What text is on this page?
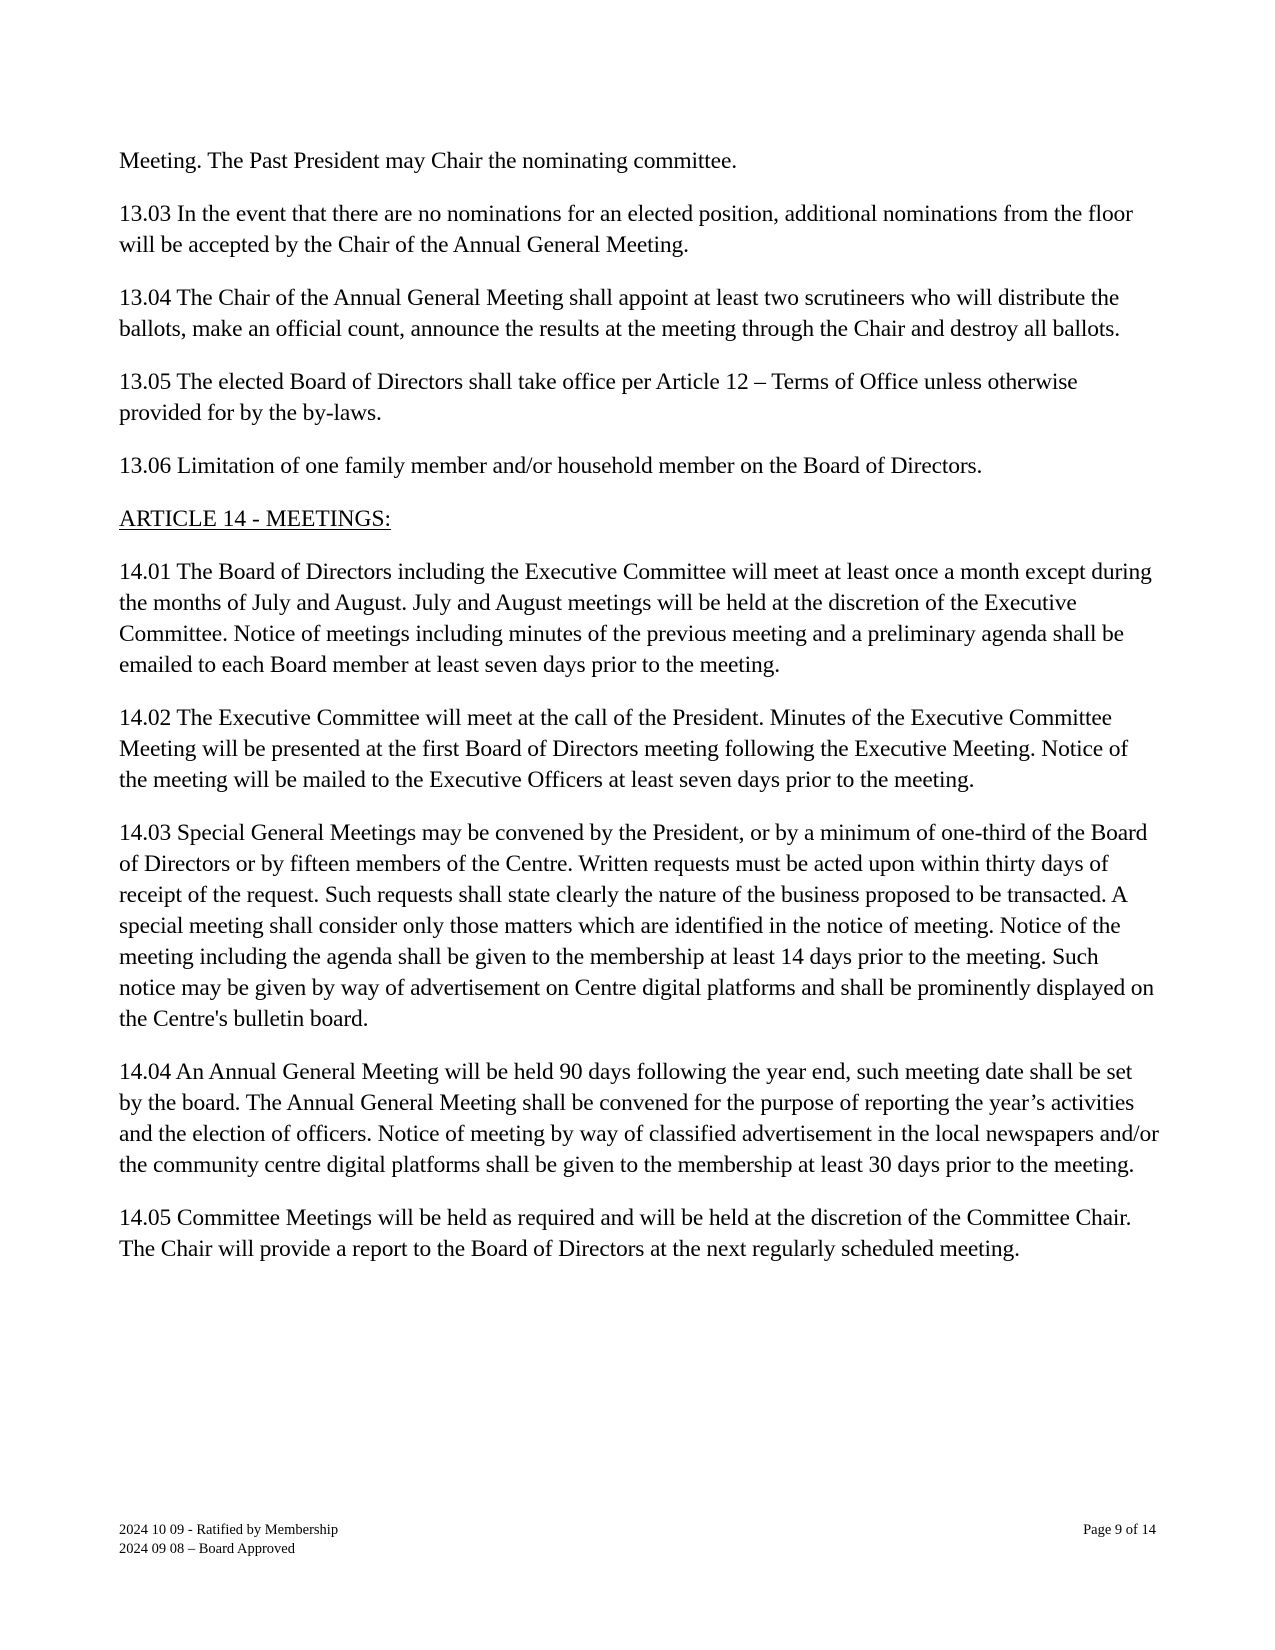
Meeting. The Past President may Chair the nominating committee.

13.03 In the event that there are no nominations for an elected position, additional nominations from the floor will be accepted by the Chair of the Annual General Meeting.

13.04 The Chair of the Annual General Meeting shall appoint at least two scrutineers who will distribute the ballots, make an official count, announce the results at the meeting through the Chair and destroy all ballots.

13.05 The elected Board of Directors shall take office per Article 12 – Terms of Office unless otherwise provided for by the by-laws.

13.06 Limitation of one family member and/or household member on the Board of Directors.

ARTICLE 14 - MEETINGS:

14.01 The Board of Directors including the Executive Committee will meet at least once a month except during the months of July and August. July and August meetings will be held at the discretion of the Executive Committee. Notice of meetings including minutes of the previous meeting and a preliminary agenda shall be emailed to each Board member at least seven days prior to the meeting.

14.02 The Executive Committee will meet at the call of the President. Minutes of the Executive Committee Meeting will be presented at the first Board of Directors meeting following the Executive Meeting. Notice of the meeting will be mailed to the Executive Officers at least seven days prior to the meeting.

14.03 Special General Meetings may be convened by the President, or by a minimum of one-third of the Board of Directors or by fifteen members of the Centre. Written requests must be acted upon within thirty days of receipt of the request. Such requests shall state clearly the nature of the business proposed to be transacted. A special meeting shall consider only those matters which are identified in the notice of meeting. Notice of the meeting including the agenda shall be given to the membership at least 14 days prior to the meeting. Such notice may be given by way of advertisement on Centre digital platforms and shall be prominently displayed on the Centre's bulletin board.

14.04 An Annual General Meeting will be held 90 days following the year end, such meeting date shall be set by the board. The Annual General Meeting shall be convened for the purpose of reporting the year’s activities and the election of officers. Notice of meeting by way of classified advertisement in the local newspapers and/or the community centre digital platforms shall be given to the membership at least 30 days prior to the meeting.

14.05 Committee Meetings will be held as required and will be held at the discretion of the Committee Chair. The Chair will provide a report to the Board of Directors at the next regularly scheduled meeting.

2024 10 09 - Ratified by Membership
2024 09 08 – Board Approved
Page 9 of 14
